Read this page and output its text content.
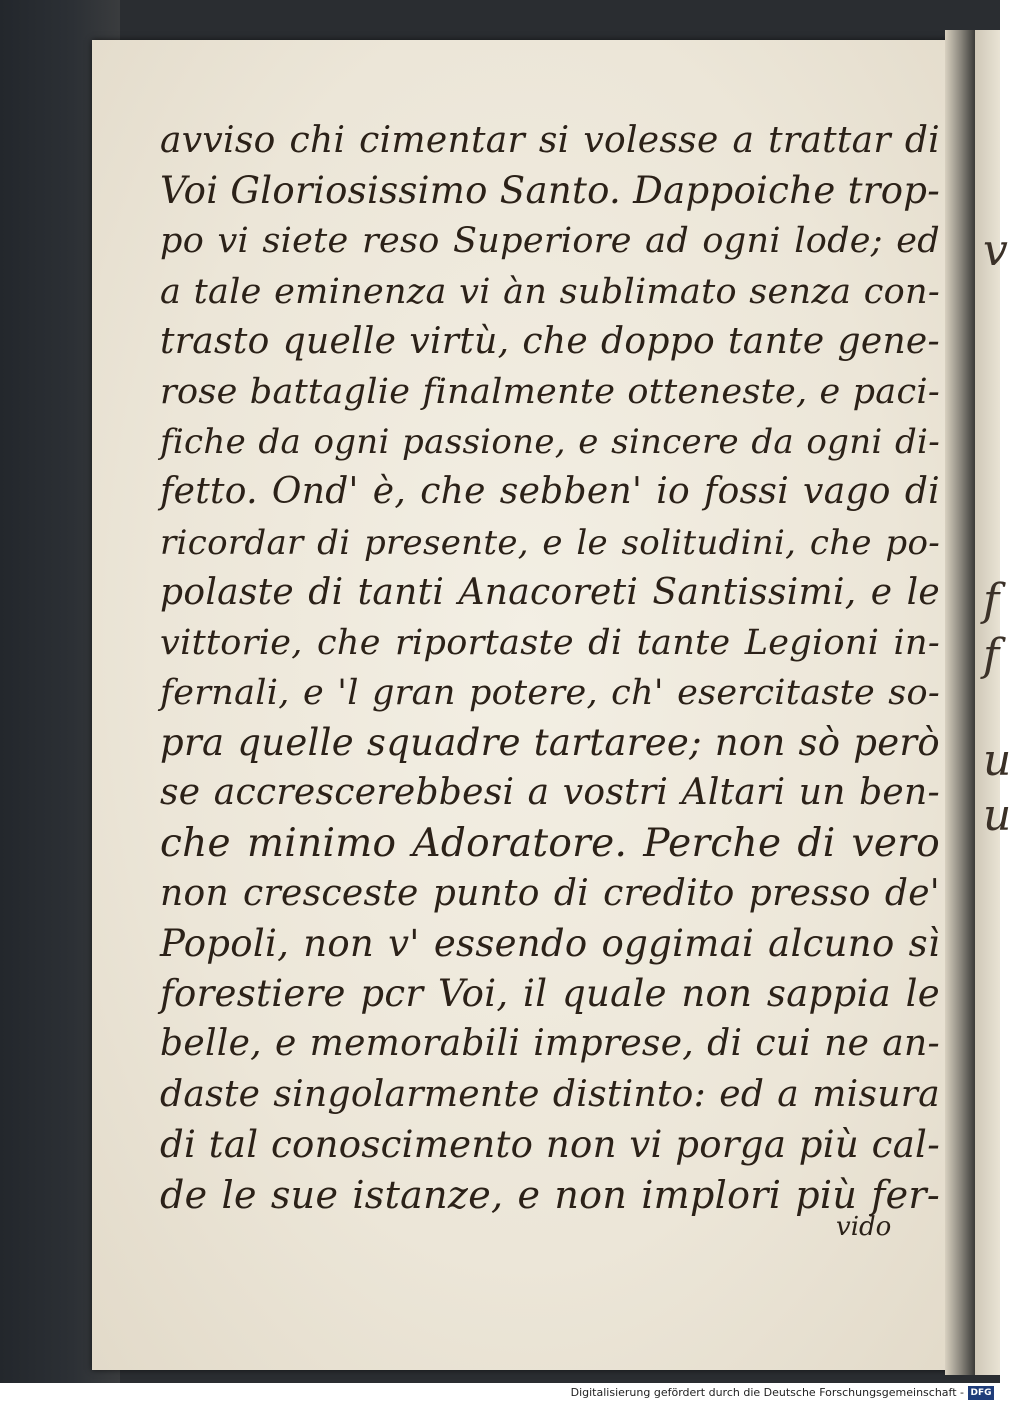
v
f
f
u
u
avviso chi cimentar si volesse a trattar di
Voi Gloriosissimo Santo. Dappoiche trop-
po vi siete reso Superiore ad ogni lode; ed
a tale eminenza vi àn sublimato senza con-
trasto quelle virtù, che doppo tante gene-
rose battaglie finalmente otteneste, e paci-
fiche da ogni passione, e sincere da ogni di-
fetto. Ond' è, che sebben' io fossi vago di
ricordar di presente, e le solitudini, che po-
polaste di tanti Anacoreti Santissimi, e le
vittorie, che riportaste di tante Legioni in-
fernali, e 'l gran potere, ch' esercitaste so-
pra quelle squadre tartaree; non sò però
se accrescerebbesi a vostri Altari un ben-
che minimo Adoratore. Perche di vero
non cresceste punto di credito presso de'
Popoli, non v' essendo oggimai alcuno sì
forestiere pcr Voi, il quale non sappia le
belle, e memorabili imprese, di cui ne an-
daste singolarmente distinto: ed a misura
di tal conoscimento non vi porga più cal-
de le sue istanze, e non implori più fer-
vido
Digitalisierung gefördert durch die Deutsche Forschungsgemeinschaft - DFG
